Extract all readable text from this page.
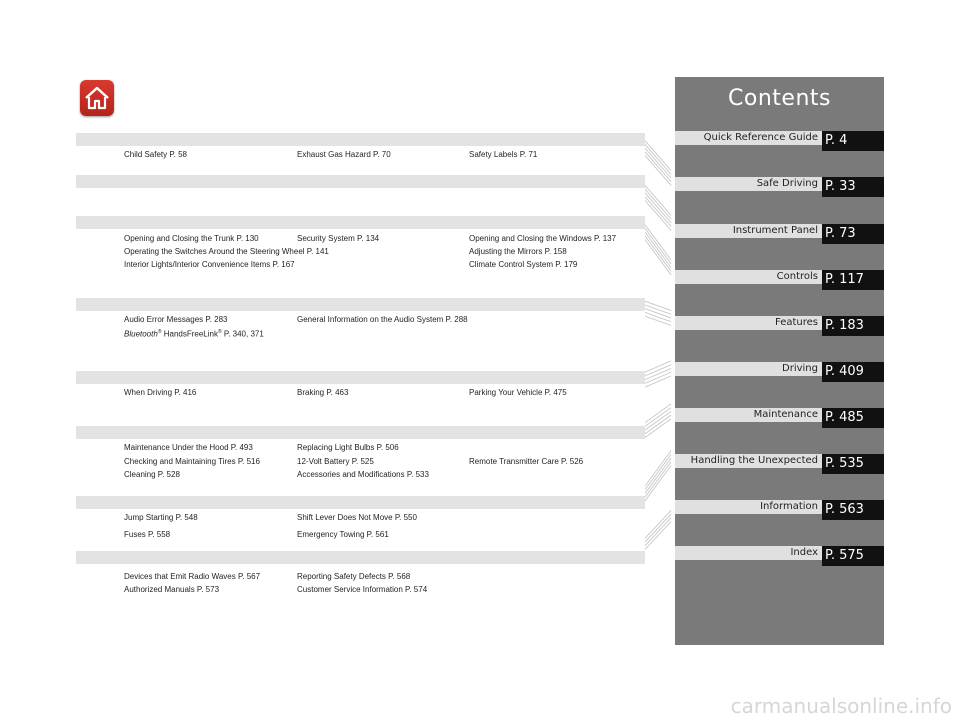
Child Safety P. 58	Exhaust Gas Hazard P. 70	Safety Labels P. 71
Opening and Closing the Trunk P. 130	Security System P. 134	Opening and Closing the Windows P. 137
Operating the Switches Around the Steering Wheel P. 141	Adjusting the Mirrors P. 158
Interior Lights/Interior Convenience Items P. 167	Climate Control System P. 179
Audio Error Messages P. 283	General Information on the Audio System P. 288
Bluetooth® HandsFreeLink® P. 340, 371
When Driving P. 416	Braking P. 463	Parking Your Vehicle P. 475
Maintenance Under the Hood P. 493	Replacing Light Bulbs P. 506
Checking and Maintaining Tires P. 516	12-Volt Battery P. 525	Remote Transmitter Care P. 526
Cleaning P. 528	Accessories and Modifications P. 533
Jump Starting P. 548	Shift Lever Does Not Move P. 550
Fuses P. 558	Emergency Towing P. 561
Devices that Emit Radio Waves P. 567	Reporting Safety Defects P. 568
Authorized Manuals P. 573	Customer Service Information P. 574
Contents
Quick Reference Guide P. 4
Safe Driving P. 33
Instrument Panel P. 73
Controls P. 117
Features P. 183
Driving P. 409
Maintenance P. 485
Handling the Unexpected P. 535
Information P. 563
Index P. 575
carmanualsonline.info
